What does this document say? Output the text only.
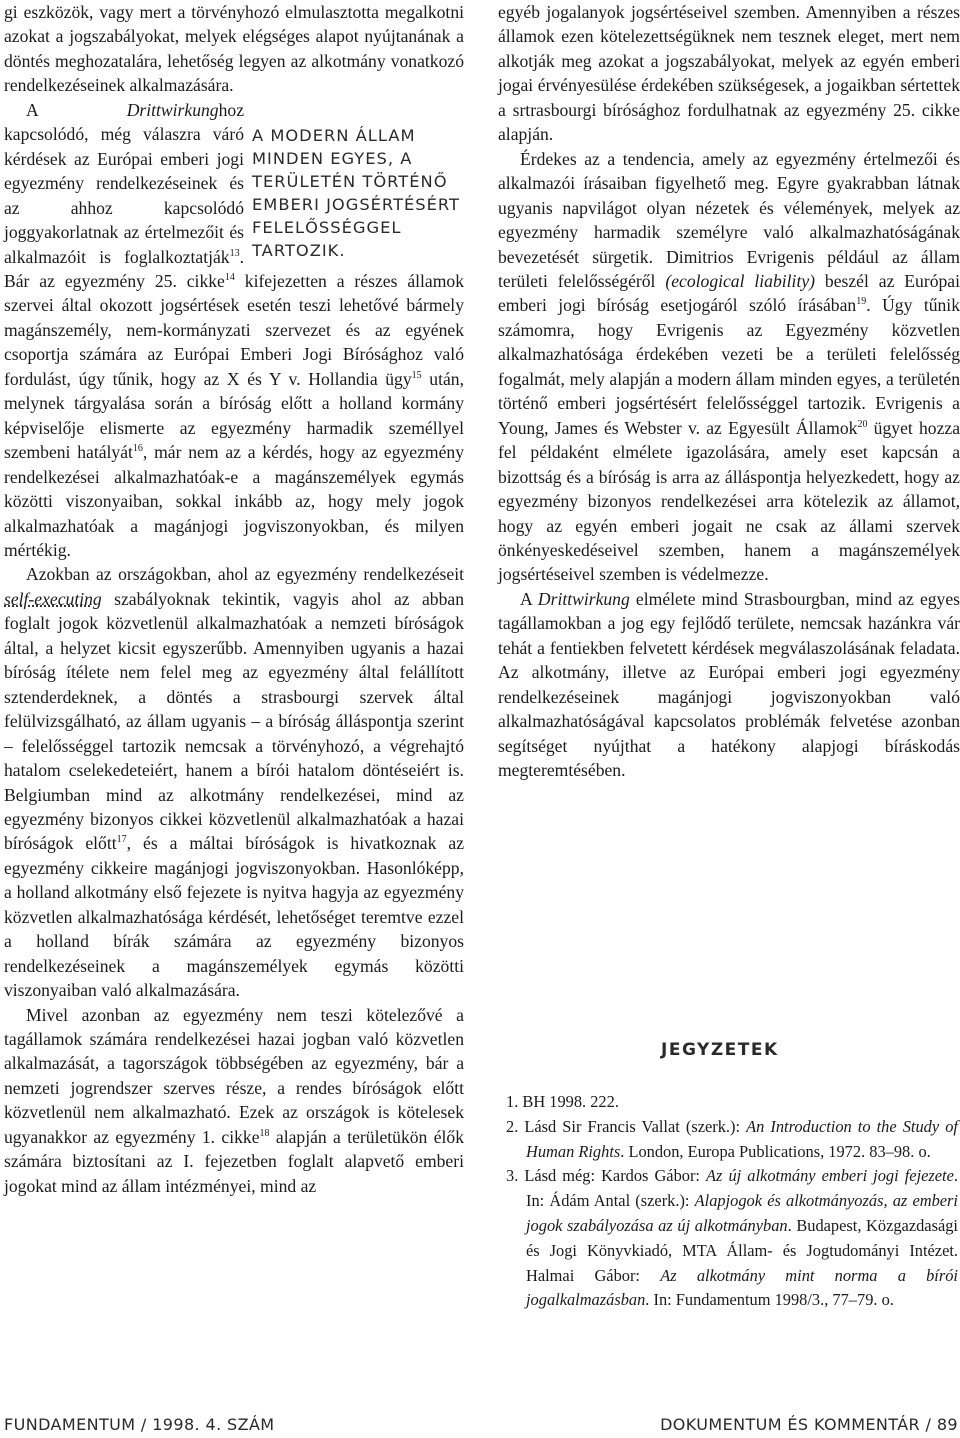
gi eszközök, vagy mert a törvényhozó elmulasztotta megalkotni azokat a jogszabályokat, melyek elégséges alapot nyújtanának a döntés meghozatalára, lehetőség legyen az alkotmány vonatkozó rendelkezéseinek alkalmazására.

A MODERN ÁLLAM MINDEN EGYES, A TERÜLETÉN TÖRTÉNŐ EMBERI JOGSÉRTÉSÉRT FELELŐSSÉGGEL TARTOZIK.

A Drittwirkunghoz kapcsolódó, még válaszra váró kérdések az Európai emberi jogi egyezmény rendelkezéseinek és az ahhoz kapcsolódó joggyakorlatnak az értelmezőit és alkalmazóit is foglalkoztatják$^{13}$. Bár az egyezmény 25. cikke$^{14}$ kifejezetten a részes államok szervei által okozott jogsértések esetén teszi lehetővé bármely magánszemély, nem-kormányzati szervezet és az egyének csoportja számára az Európai Emberi Jogi Bírósághoz való fordulást, úgy tűnik, hogy az X és Y v. Hollandia ügy$^{15}$ után, melynek tárgyalása során a bíróság előtt a holland kormány képviselője elismerte az egyezmény harmadik személlyel szembeni hatályát$^{16}$, már nem az a kérdés, hogy az egyezmény rendelkezései alkalmazhatóak-e a magánszemélyek egymás közötti viszonyaiban, sokkal inkább az, hogy mely jogok alkalmazhatóak a magánjogi jogviszonyokban, és milyen mértékig.

Azokban az országokban, ahol az egyezmény rendelkezéseit self-executing szabályoknak tekintik, vagyis ahol az abban foglalt jogok közvetlenül alkalmazhatóak a nemzeti bíróságok által, a helyzet kicsit egyszerűbb. Amennyiben ugyanis a hazai bíróság ítélete nem felel meg az egyezmény által felállított sztenderdeknek, a döntés a strasbourgi szervek által felülvizsgálható, az állam ugyanis – a bíróság álláspontja szerint – felelősséggel tartozik nemcsak a törvényhozó, a végrehajtó hatalom cselekedeteiért, hanem a bírói hatalom döntéseiért is. Belgiumban mind az alkotmány rendelkezései, mind az egyezmény bizonyos cikkei közvetlenül alkalmazhatóak a hazai bíróságok előtt$^{17}$, és a máltai bíróságok is hivatkoznak az egyezmény cikkeire magánjogi jogviszonyokban. Hasonlóképp, a holland alkotmány első fejezete is nyitva hagyja az egyezmény közvetlen alkalmazhatósága kérdését, lehetőséget teremtve ezzel a holland bírák számára az egyezmény bizonyos rendelkezéseinek a magánszemélyek egymás közötti viszonyaiban való alkalmazására.

Mivel azonban az egyezmény nem teszi kötelezővé a tagállamok számára rendelkezései hazai jogban való közvetlen alkalmazását, a tagországok többségében az egyezmény, bár a nemzeti jogrendszer szerves része, a rendes bíróságok előtt közvetlenül nem alkalmazható. Ezek az országok is kötelesek ugyanakkor az egyezmény 1. cikke$^{18}$ alapján a területükön élők számára biztosítani az I. fejezetben foglalt alapvető emberi jogokat mind az állam intézményei, mind az

egyéb jogalanyok jogsértéseivel szemben. Amennyiben a részes államok ezen kötelezettségüknek nem tesznek eleget, mert nem alkotják meg azokat a jogszabályokat, melyek az egyén emberi jogai érvényesülése érdekében szükségesek, a jogaikban sértettek a srtrasbourgi bírósághoz fordulhatnak az egyezmény 25. cikke alapján.

Érdekes az a tendencia, amely az egyezmény értelmezői és alkalmazói írásaiban figyelhető meg. Egyre gyakrabban látnak ugyanis napvilágot olyan nézetek és vélemények, melyek az egyezmény harmadik személyre való alkalmazhatóságának bevezetését sürgetik. Dimitrios Evrigenis például az állam területi felelősségéről (ecological liability) beszél az Európai emberi jogi bíróság esetjogáról szóló írásában$^{19}$. Úgy tűnik számomra, hogy Evrigenis az Egyezmény közvetlen alkalmazhatósága érdekében vezeti be a területi felelősség fogalmát, mely alapján a modern állam minden egyes, a területén történő emberi jogsértésért felelősséggel tartozik. Evrigenis a Young, James és Webster v. az Egyesült Államok$^{20}$ ügyet hozza fel példaként elmélete igazolására, amely eset kapcsán a bizottság és a bíróság is arra az álláspontja helyezkedett, hogy az egyezmény bizonyos rendelkezései arra kötelezik az államot, hogy az egyén emberi jogait ne csak az állami szervek önkényeskedéseivel szemben, hanem a magánszemélyek jogsértéseivel szemben is védelmezze.

A Drittwirkung elmélete mind Strasbourgban, mind az egyes tagállamokban a jog egy fejlődő területe, nemcsak hazánkra vár tehát a fentiekben felvetett kérdések megválaszolásának feladata. Az alkotmány, illetve az Európai emberi jogi egyezmény rendelkezéseinek magánjogi jogviszonyokban való alkalmazhatóságával kapcsolatos problémák felvetése azonban segítséget nyújthat a hatékony alapjogi bíráskodás megteremtésében.

JEGYZETEK
1. BH 1998. 222.
2. Lásd Sir Francis Vallat (szerk.): An Introduction to the Study of Human Rights. London, Europa Publications, 1972. 83–98. o.
3. Lásd még: Kardos Gábor: Az új alkotmány emberi jogi fejezete. In: Ádám Antal (szerk.): Alapjogok és alkotmányozás, az emberi jogok szabályozása az új alkotmányban. Budapest, Közgazdasági és Jogi Könyvkiadó, MTA Állam- és Jogtudományi Intézet. Halmai Gábor: Az alkotmány mint norma a bírói jogalkalmazásban. In: Fundamentum 1998/3., 77–79. o.
FUNDAMENTUM / 1998. 4. SZÁM	DOKUMENTUM ÉS KOMMENTÁR / 89
